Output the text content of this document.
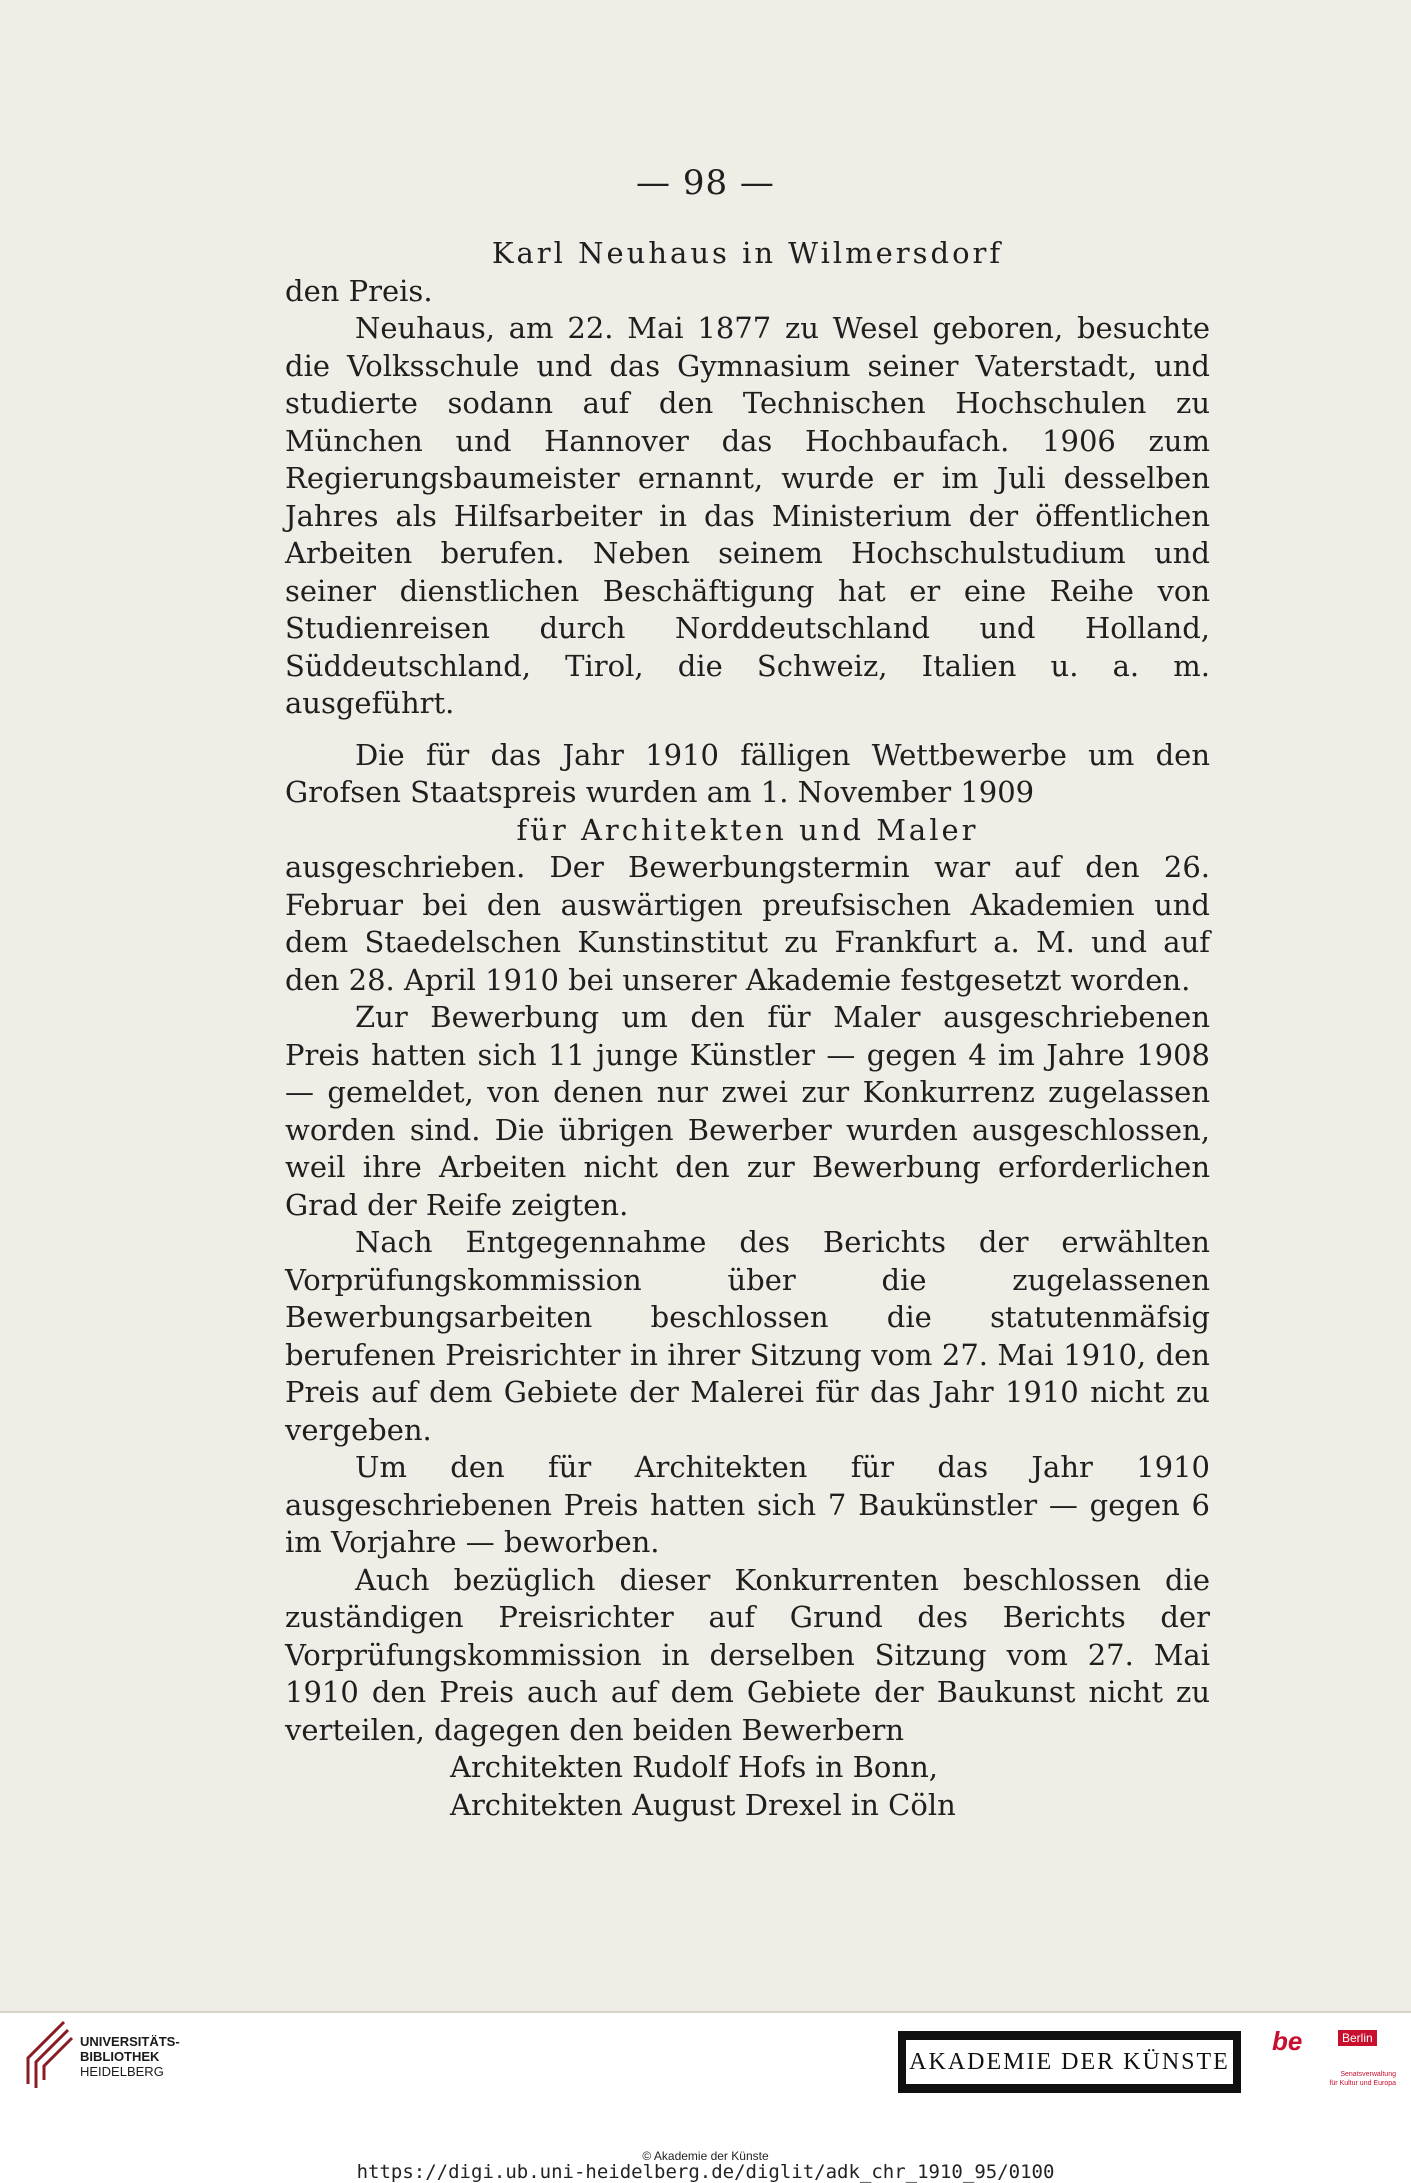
— 98 —

Karl Neuhaus in Wilmersdorf

den Preis.

Neuhaus, am 22. Mai 1877 zu Wesel geboren, besuchte die Volksschule und das Gymnasium seiner Vaterstadt, und studierte sodann auf den Technischen Hochschulen zu München und Hannover das Hochbaufach. 1906 zum Regierungsbaumeister ernannt, wurde er im Juli desselben Jahres als Hilfsarbeiter in das Ministerium der öffentlichen Arbeiten berufen. Neben seinem Hochschulstudium und seiner dienstlichen Beschäftigung hat er eine Reihe von Studienreisen durch Norddeutschland und Holland, Süddeutschland, Tirol, die Schweiz, Italien u. a. m. ausgeführt.

Die für das Jahr 1910 fälligen Wettbewerbe um den Grofsen Staatspreis wurden am 1. November 1909

für Architekten und Maler

ausgeschrieben. Der Bewerbungstermin war auf den 26. Februar bei den auswärtigen preufsischen Akademien und dem Staedelschen Kunstinstitut zu Frankfurt a. M. und auf den 28. April 1910 bei unserer Akademie festgesetzt worden.

Zur Bewerbung um den für Maler ausgeschriebenen Preis hatten sich 11 junge Künstler — gegen 4 im Jahre 1908 — gemeldet, von denen nur zwei zur Konkurrenz zugelassen worden sind. Die übrigen Bewerber wurden ausgeschlossen, weil ihre Arbeiten nicht den zur Bewerbung erforderlichen Grad der Reife zeigten.

Nach Entgegennahme des Berichts der erwählten Vorprüfungskommission über die zugelassenen Bewerbungsarbeiten beschlossen die statutenmäfsig berufenen Preisrichter in ihrer Sitzung vom 27. Mai 1910, den Preis auf dem Gebiete der Malerei für das Jahr 1910 nicht zu vergeben.

Um den für Architekten für das Jahr 1910 ausgeschriebenen Preis hatten sich 7 Baukünstler — gegen 6 im Vorjahre — beworben.

Auch bezüglich dieser Konkurrenten beschlossen die zuständigen Preisrichter auf Grund des Berichts der Vorprüfungskommission in derselben Sitzung vom 27. Mai 1910 den Preis auch auf dem Gebiete der Baukunst nicht zu verteilen, dagegen den beiden Bewerbern

Architekten Rudolf Hofs in Bonn,

Architekten August Drexel in Cöln

UNIVERSITÄTS-
BIBLIOTHEK
HEIDELBERG	AKADEMIE DER KÜNSTE
be	Berlin
Senatsverwaltung
für Kultur und Europa
© Akademie der Künste
https://digi.ub.uni-heidelberg.de/diglit/adk_chr_1910_95/0100
